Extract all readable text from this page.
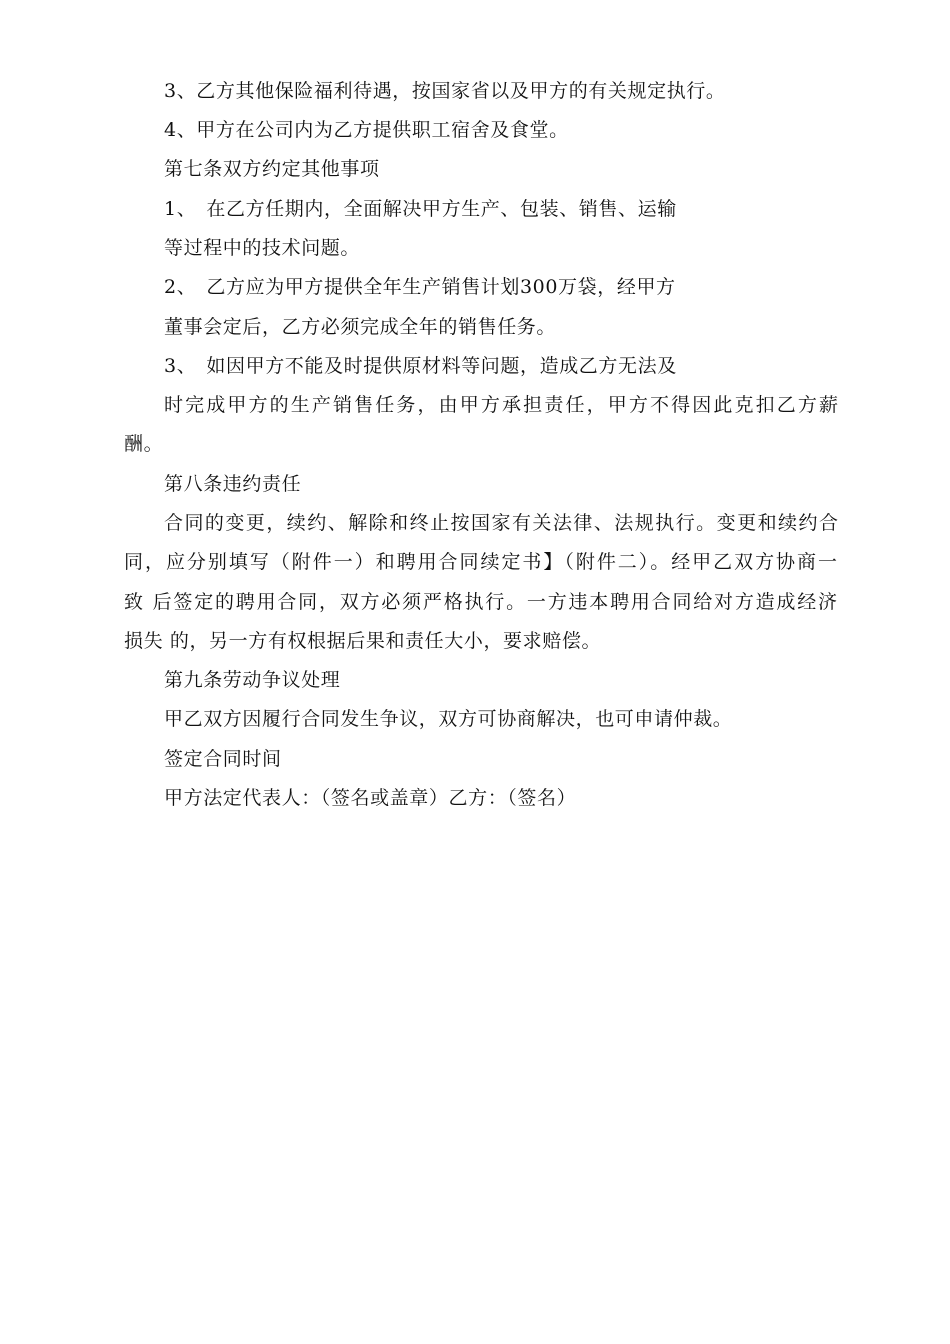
3、乙方其他保险福利待遇，按国家省以及甲方的有关规定执行。
4、甲方在公司内为乙方提供职工宿舍及食堂。
第七条双方约定其他事项
1、　在乙方任期内，全面解决甲方生产、包装、销售、运输
等过程中的技术问题。
2、　乙方应为甲方提供全年生产销售计划300万袋，经甲方
董事会定后，乙方必须完成全年的销售任务。
3、　如因甲方不能及时提供原材料等问题，造成乙方无法及
时完成甲方的生产销售任务，由甲方承担责任，甲方不得因此克扣乙方薪
酬。
第八条违约责任
合同的变更，续约、解除和终止按国家有关法律、法规执行。变更和续约合
同，应分别填写（附件一）和聘用合同续定书】（附件二）。经甲乙双方协商一
致 后签定的聘用合同，双方必须严格执行。一方违本聘用合同给对方造成经济
损失 的，另一方有权根据后果和责任大小，要求赔偿。
第九条劳动争议处理
甲乙双方因履行合同发生争议，双方可协商解决，也可申请仲裁。
签定合同时间
甲方法定代表人：（签名或盖章）乙方：（签名）
